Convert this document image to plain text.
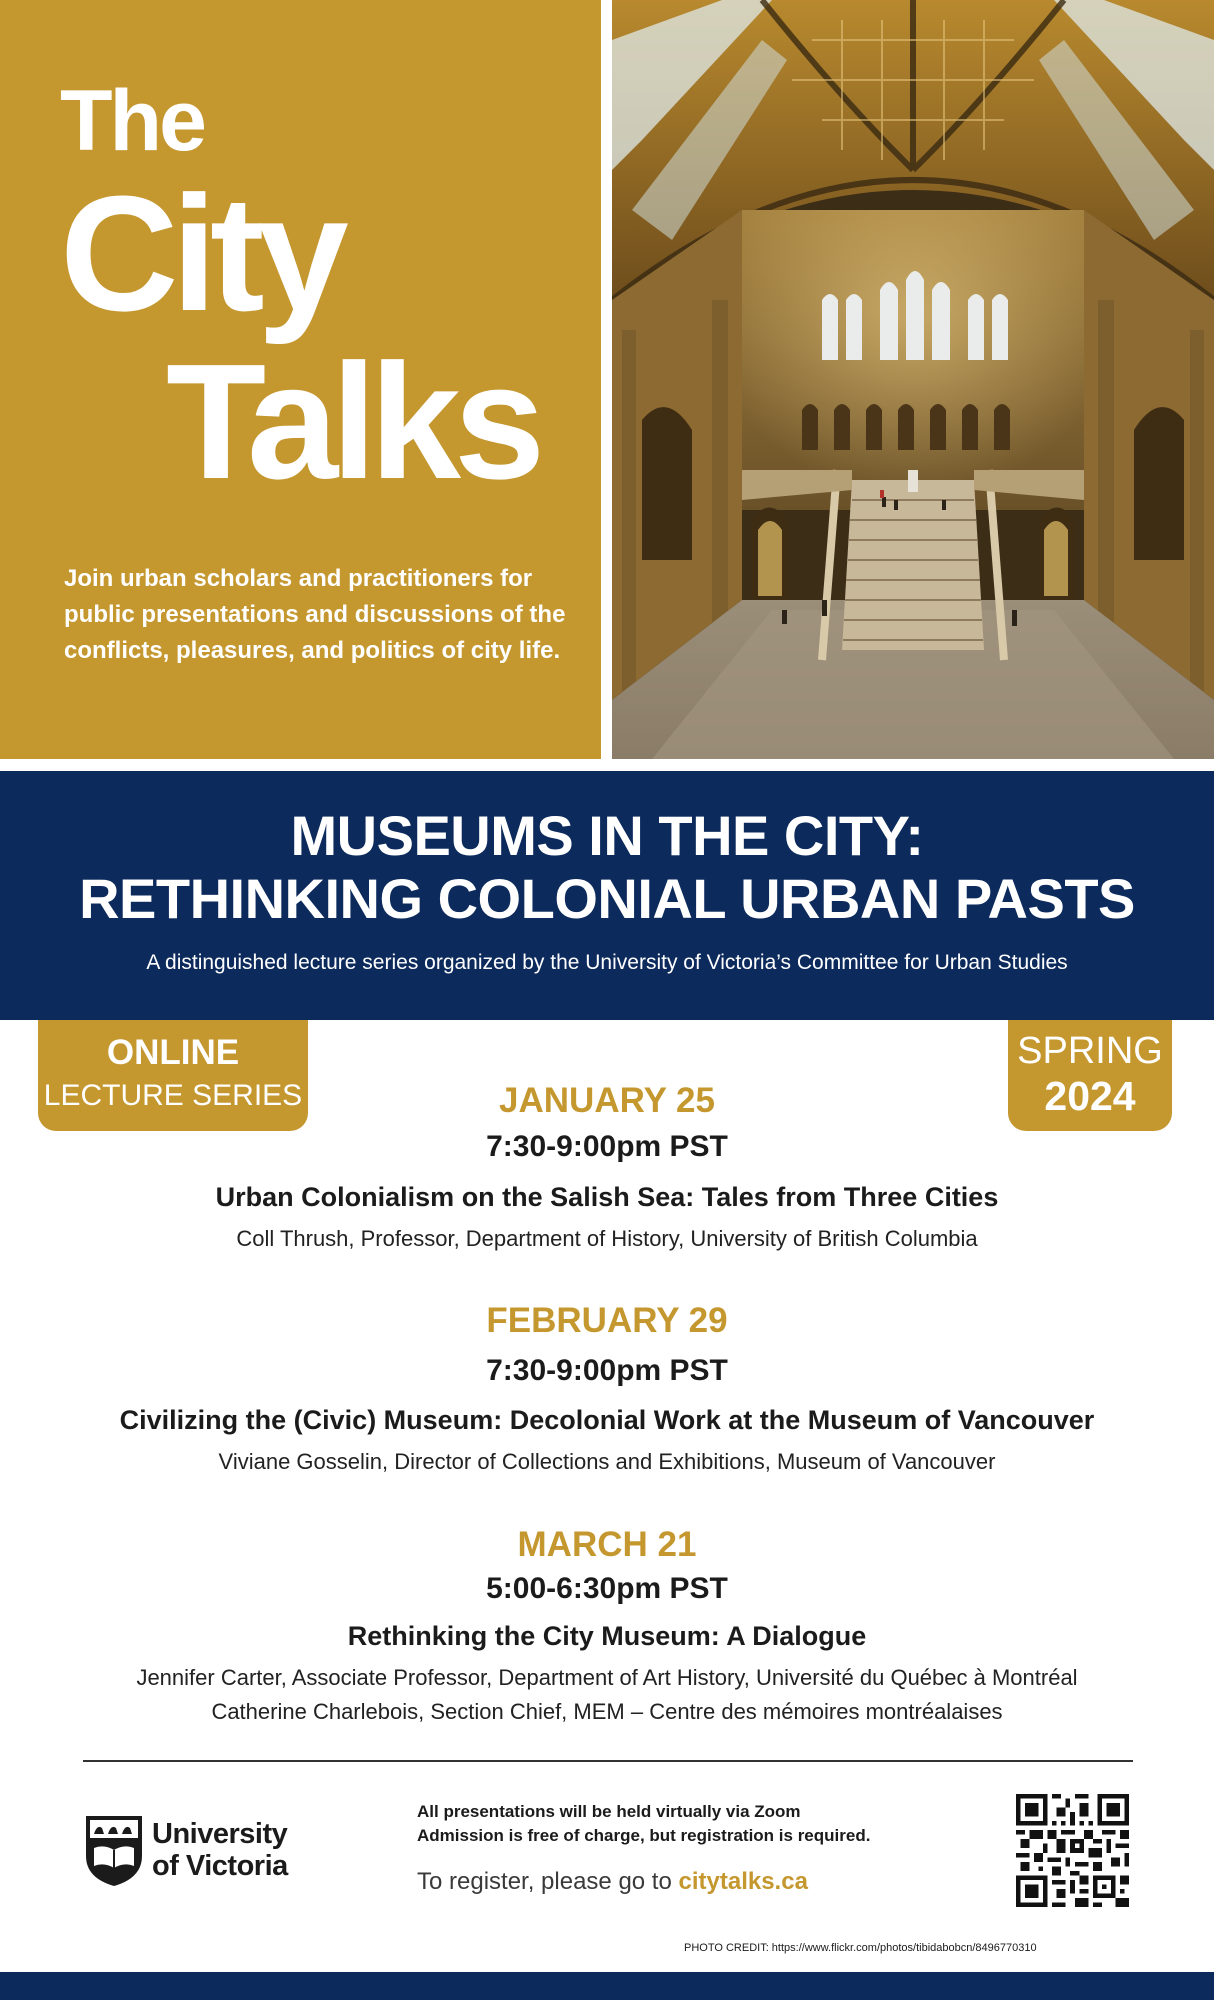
The
City
Talks
Join urban scholars and practitioners for
public presentations and discussions of the
conflicts, pleasures, and politics of city life.
MUSEUMS IN THE CITY:
RETHINKING COLONIAL URBAN PASTS
A distinguished lecture series organized by the University of Victoria’s Committee for Urban Studies
ONLINE
LECTURE SERIES
SPRING
2024
JANUARY 25
7:30-9:00pm PST
Urban Colonialism on the Salish Sea: Tales from Three Cities
Coll Thrush, Professor, Department of History, University of British Columbia
FEBRUARY 29
7:30-9:00pm PST
Civilizing the (Civic) Museum: Decolonial Work at the Museum of Vancouver
Viviane Gosselin, Director of Collections and Exhibitions, Museum of Vancouver
MARCH 21
5:00-6:30pm PST
Rethinking the City Museum: A Dialogue
Jennifer Carter, Associate Professor, Department of Art History, Université du Québec à Montréal
Catherine Charlebois, Section Chief, MEM – Centre des mémoires montréalaises
University
of Victoria
All presentations will be held virtually via Zoom
Admission is free of charge, but registration is required.
To register, please go to citytalks.ca
PHOTO CREDIT: https://www.flickr.com/photos/tibidabobcn/8496770310
